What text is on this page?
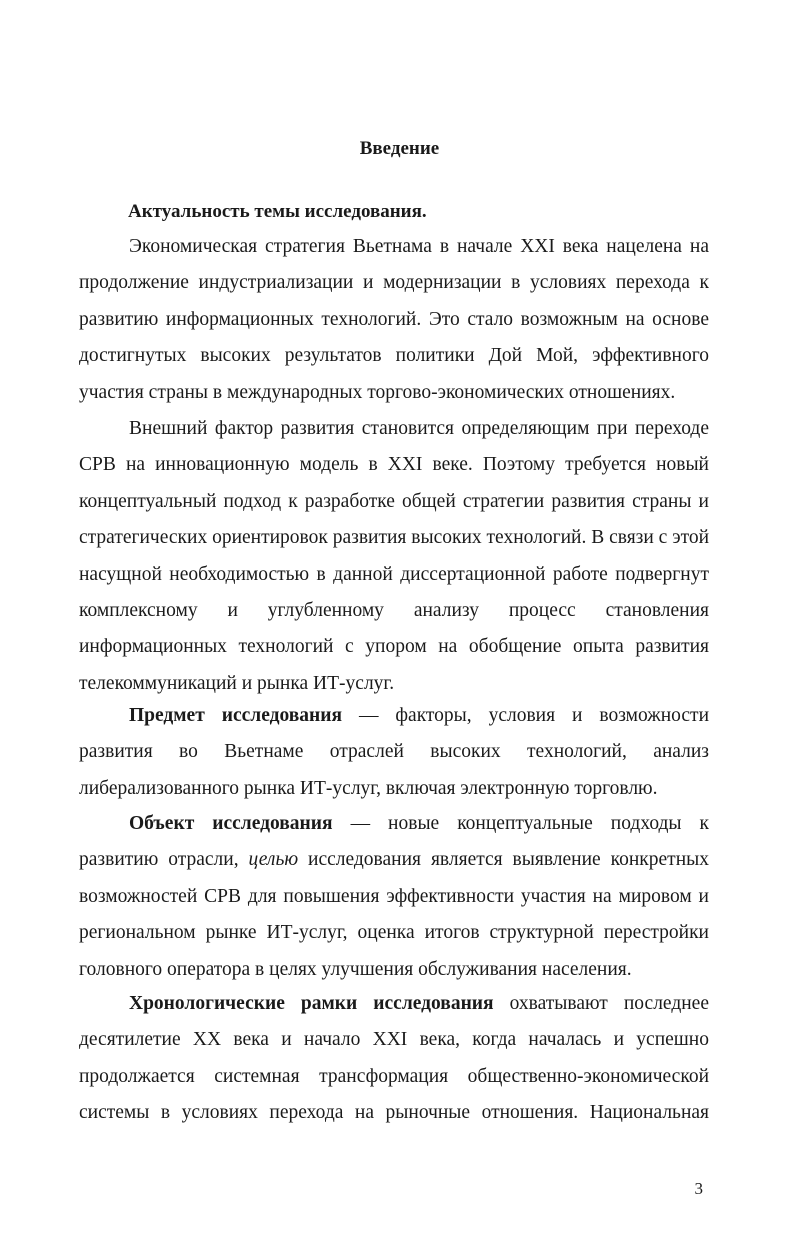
Введение
Актуальность темы исследования.
Экономическая стратегия Вьетнама в начале XXI века нацелена на
продолжение индустриализации и модернизации в условиях перехода к
развитию информационных технологий. Это стало возможным на основе
достигнутых высоких результатов политики Дой Мой, эффективного
участия страны в международных торгово-экономических отношениях.
Внешний фактор развития становится определяющим при переходе
СРВ на инновационную модель в XXI веке. Поэтому требуется новый
концептуальный подход к разработке общей стратегии развития страны и
стратегических ориентировок развития высоких технологий. В связи с этой
насущной необходимостью в данной диссертационной работе подвергнут
комплексному и углубленному анализу процесс становления
информационных технологий с упором на обобщение опыта развития
телекоммуникаций и рынка ИТ-услуг.
Предмет исследования — факторы, условия и возможности
развития во Вьетнаме отраслей высоких технологий, анализ
либерализованного рынка ИТ-услуг, включая электронную торговлю.
Объект исследования — новые концептуальные подходы к
развитию отрасли, целью исследования является выявление конкретных
возможностей СРВ для повышения эффективности участия на мировом и
региональном рынке ИТ-услуг, оценка итогов структурной перестройки
головного оператора в целях улучшения обслуживания населения.
Хронологические рамки исследования охватывают последнее
десятилетие XX века и начало XXI века, когда началась и успешно
продолжается системная трансформация общественно-экономической
системы в условиях перехода на рыночные отношения. Национальная
3
